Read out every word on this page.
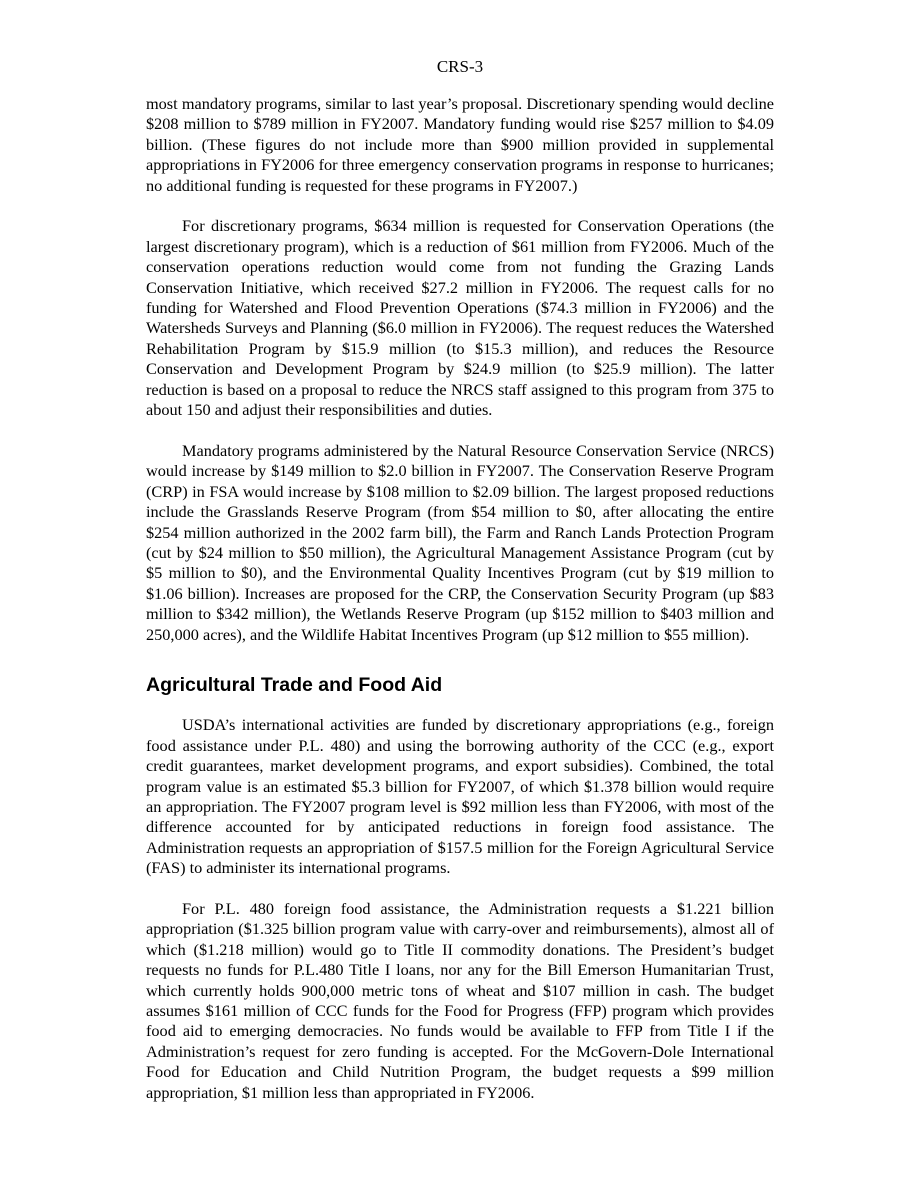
CRS-3

most mandatory programs, similar to last year’s proposal. Discretionary spending would decline $208 million to $789 million in FY2007. Mandatory funding would rise $257 million to $4.09 billion. (These figures do not include more than $900 million provided in supplemental appropriations in FY2006 for three emergency conservation programs in response to hurricanes; no additional funding is requested for these programs in FY2007.)

For discretionary programs, $634 million is requested for Conservation Operations (the largest discretionary program), which is a reduction of $61 million from FY2006. Much of the conservation operations reduction would come from not funding the Grazing Lands Conservation Initiative, which received $27.2 million in FY2006. The request calls for no funding for Watershed and Flood Prevention Operations ($74.3 million in FY2006) and the Watersheds Surveys and Planning ($6.0 million in FY2006). The request reduces the Watershed Rehabilitation Program by $15.9 million (to $15.3 million), and reduces the Resource Conservation and Development Program by $24.9 million (to $25.9 million). The latter reduction is based on a proposal to reduce the NRCS staff assigned to this program from 375 to about 150 and adjust their responsibilities and duties.

Mandatory programs administered by the Natural Resource Conservation Service (NRCS) would increase by $149 million to $2.0 billion in FY2007. The Conservation Reserve Program (CRP) in FSA would increase by $108 million to $2.09 billion. The largest proposed reductions include the Grasslands Reserve Program (from $54 million to $0, after allocating the entire $254 million authorized in the 2002 farm bill), the Farm and Ranch Lands Protection Program (cut by $24 million to $50 million), the Agricultural Management Assistance Program (cut by $5 million to $0), and the Environmental Quality Incentives Program (cut by $19 million to $1.06 billion). Increases are proposed for the CRP, the Conservation Security Program (up $83 million to $342 million), the Wetlands Reserve Program (up $152 million to $403 million and 250,000 acres), and the Wildlife Habitat Incentives Program (up $12 million to $55 million).

Agricultural Trade and Food Aid

USDA’s international activities are funded by discretionary appropriations (e.g., foreign food assistance under P.L. 480) and using the borrowing authority of the CCC (e.g., export credit guarantees, market development programs, and export subsidies). Combined, the total program value is an estimated $5.3 billion for FY2007, of which $1.378 billion would require an appropriation. The FY2007 program level is $92 million less than FY2006, with most of the difference accounted for by anticipated reductions in foreign food assistance. The Administration requests an appropriation of $157.5 million for the Foreign Agricultural Service (FAS) to administer its international programs.

For P.L. 480 foreign food assistance, the Administration requests a $1.221 billion appropriation ($1.325 billion program value with carry-over and reimbursements), almost all of which ($1.218 million) would go to Title II commodity donations. The President’s budget requests no funds for P.L.480 Title I loans, nor any for the Bill Emerson Humanitarian Trust, which currently holds 900,000 metric tons of wheat and $107 million in cash. The budget assumes $161 million of CCC funds for the Food for Progress (FFP) program which provides food aid to emerging democracies. No funds would be available to FFP from Title I if the Administration’s request for zero funding is accepted. For the McGovern-Dole International Food for Education and Child Nutrition Program, the budget requests a $99 million appropriation, $1 million less than appropriated in FY2006.
